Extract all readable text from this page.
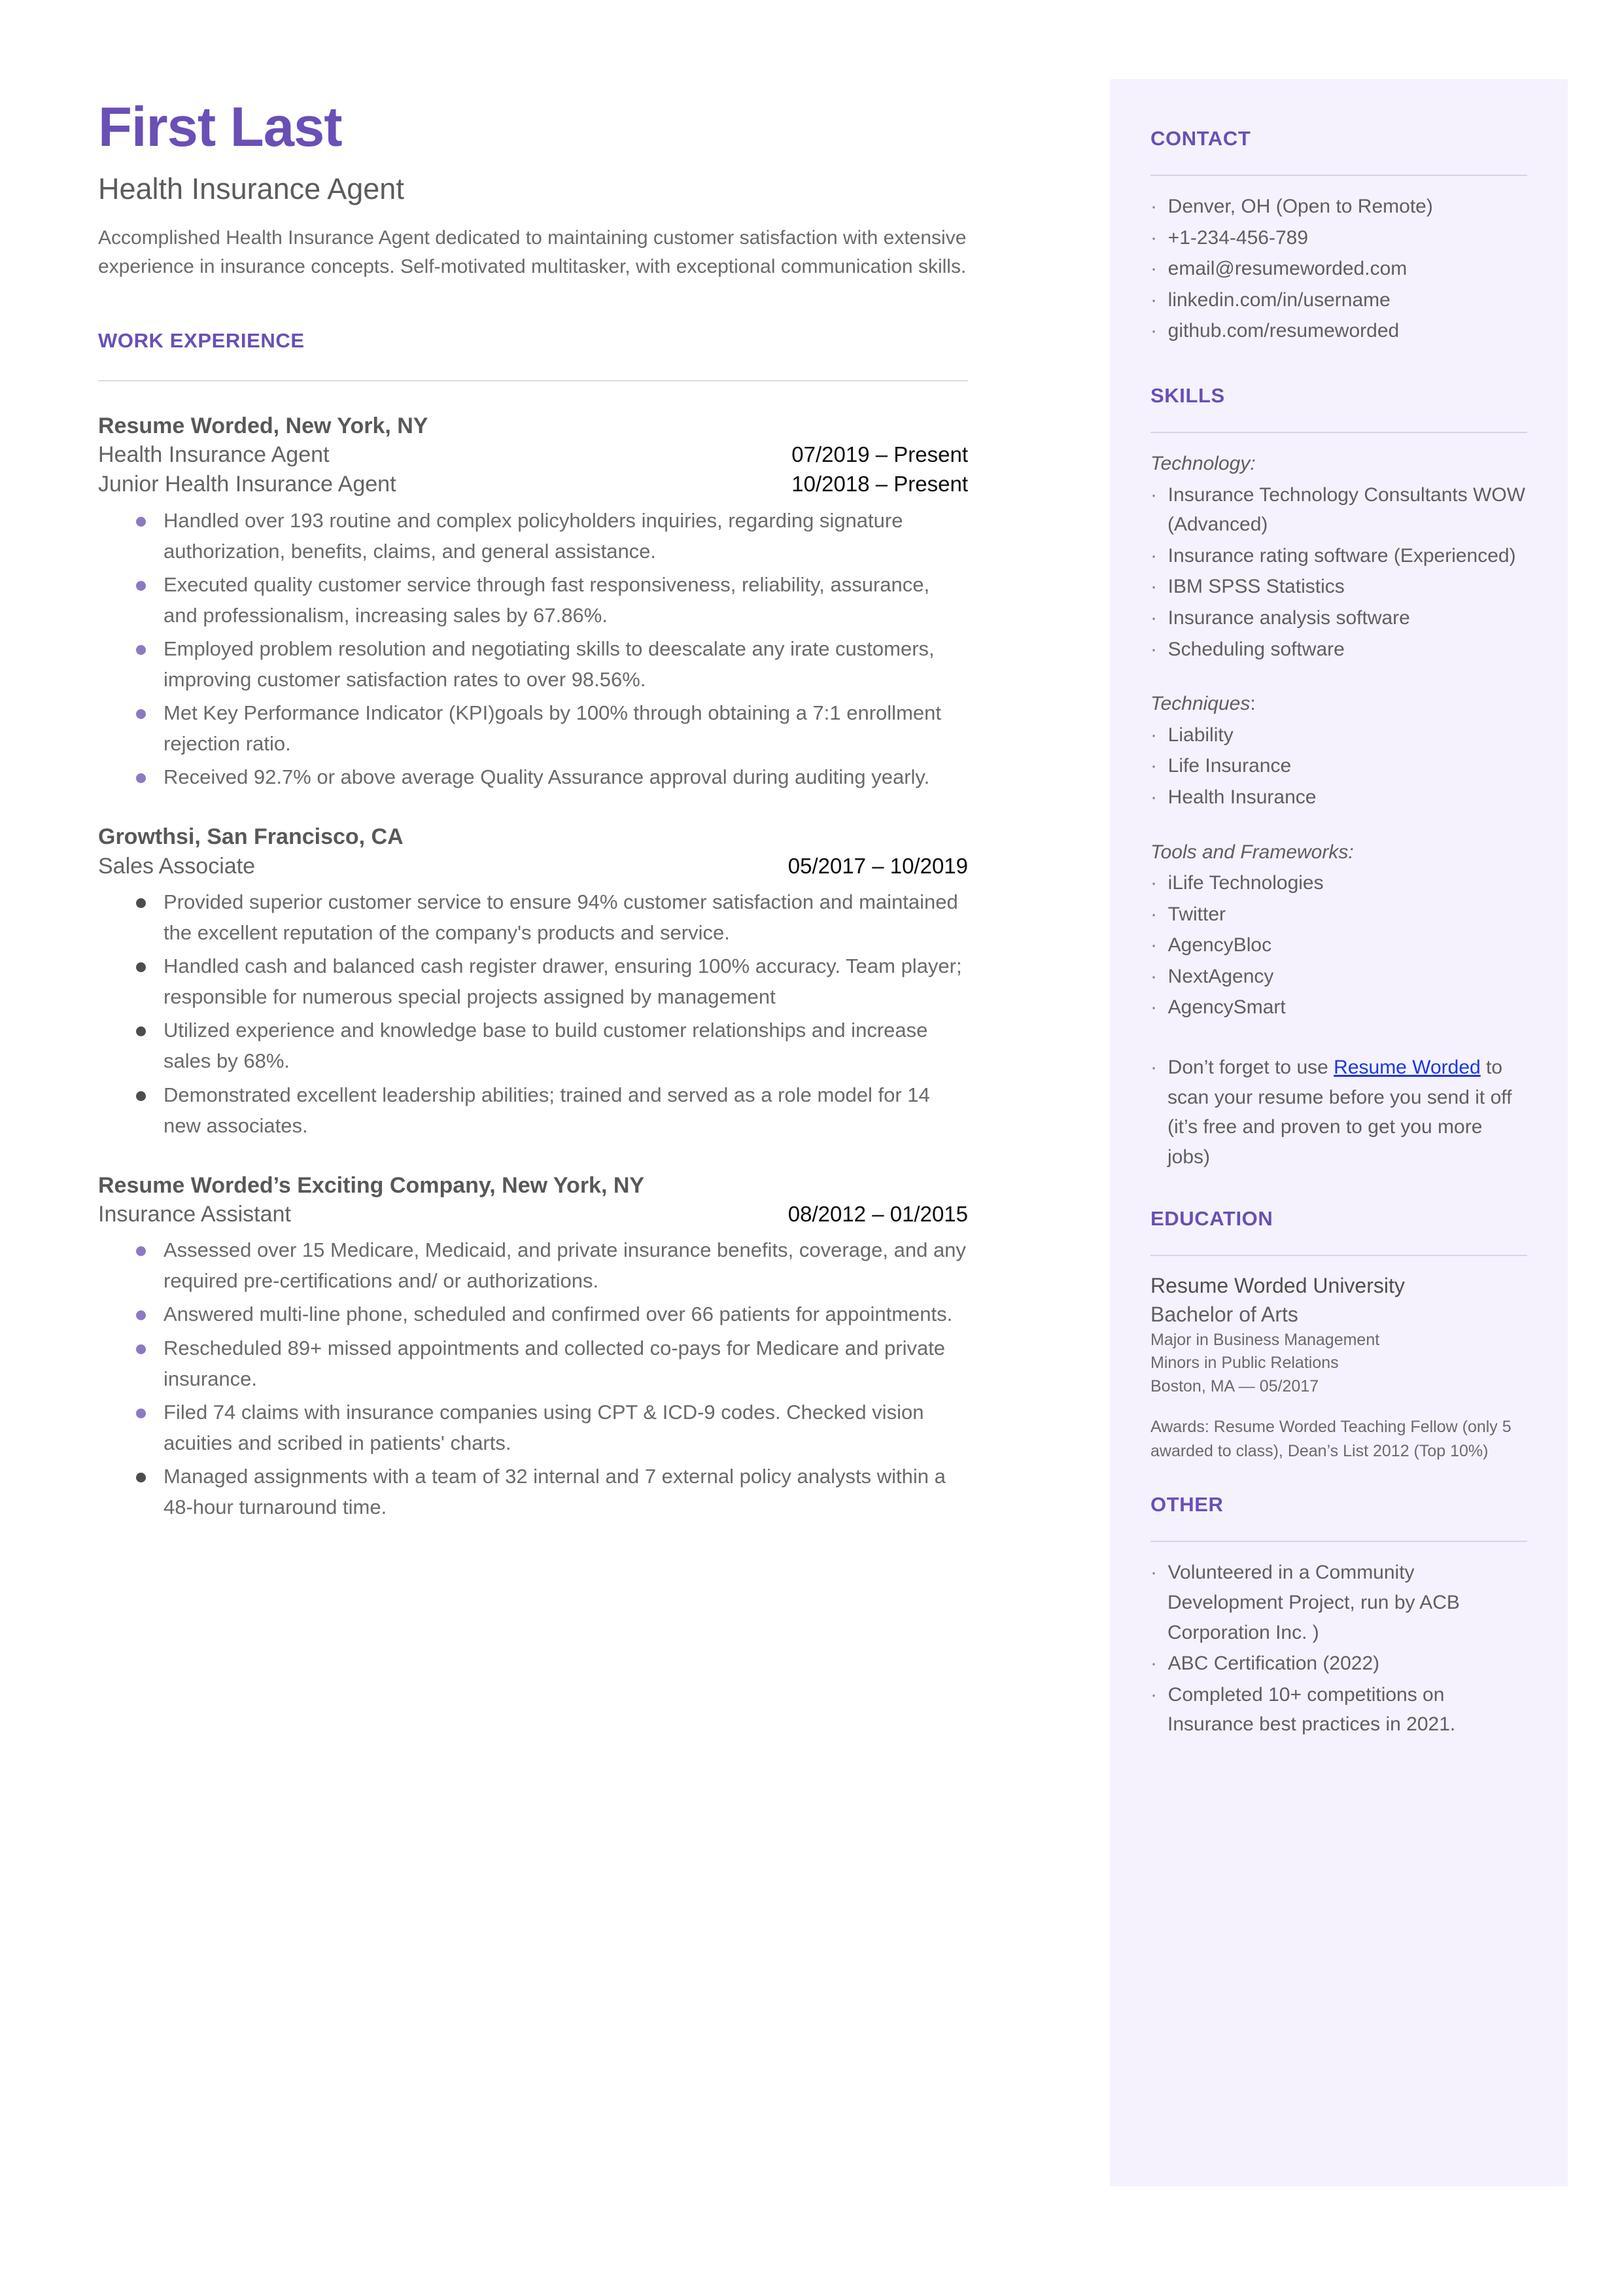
First Last
Health Insurance Agent

Accomplished Health Insurance Agent dedicated to maintaining customer satisfaction with extensive experience in insurance concepts. Self-motivated multitasker, with exceptional communication skills.

WORK EXPERIENCE
Resume Worded, New York, NY
Health Insurance Agent	07/2019 – Present
Junior Health Insurance Agent	10/2018 – Present
Handled over 193 routine and complex policyholders inquiries, regarding signature authorization, benefits, claims, and general assistance.
Executed quality customer service through fast responsiveness, reliability, assurance, and professionalism, increasing sales by 67.86%.
Employed problem resolution and negotiating skills to deescalate any irate customers, improving customer satisfaction rates to over 98.56%.
Met Key Performance Indicator (KPI)goals by 100% through obtaining a 7:1 enrollment rejection ratio.
Received 92.7% or above average Quality Assurance approval during auditing yearly.
Growthsi, San Francisco, CA
Sales Associate	05/2017 – 10/2019
Provided superior customer service to ensure 94% customer satisfaction and maintained the excellent reputation of the company's products and service.
Handled cash and balanced cash register drawer, ensuring 100% accuracy. Team player; responsible for numerous special projects assigned by management
Utilized experience and knowledge base to build customer relationships and increase sales by 68%.
Demonstrated excellent leadership abilities; trained and served as a role model for 14 new associates.
Resume Worded’s Exciting Company, New York, NY
Insurance Assistant	08/2012 – 01/2015
Assessed over 15 Medicare, Medicaid, and private insurance benefits, coverage, and any required pre-certifications and/ or authorizations.
Answered multi-line phone, scheduled and confirmed over 66 patients for appointments.
Rescheduled 89+ missed appointments and collected co-pays for Medicare and private insurance.
Filed 74 claims with insurance companies using CPT & ICD-9 codes. Checked vision acuities and scribed in patients' charts.
Managed assignments with a team of 32 internal and 7 external policy analysts within a 48-hour turnaround time.
CONTACT
· Denver, OH (Open to Remote)
· +1-234-456-789
· email@resumeworded.com
· linkedin.com/in/username
· github.com/resumeworded
SKILLS
Technology:
· Insurance Technology Consultants WOW (Advanced)
· Insurance rating software (Experienced)
· IBM SPSS Statistics
· Insurance analysis software
· Scheduling software
Techniques:
· Liability
· Life Insurance
· Health Insurance
Tools and Frameworks:
· iLife Technologies
· Twitter
· AgencyBloc
· NextAgency
· AgencySmart
· Don’t forget to use Resume Worded to scan your resume before you send it off (it’s free and proven to get you more jobs)
EDUCATION
Resume Worded University
Bachelor of Arts
Major in Business Management
Minors in Public Relations
Boston, MA — 05/2017
Awards: Resume Worded Teaching Fellow (only 5 awarded to class), Dean’s List 2012 (Top 10%)
OTHER
· Volunteered in a Community Development Project, run by ACB Corporation Inc. )
· ABC Certification (2022)
· Completed 10+ competitions on Insurance best practices in 2021.
